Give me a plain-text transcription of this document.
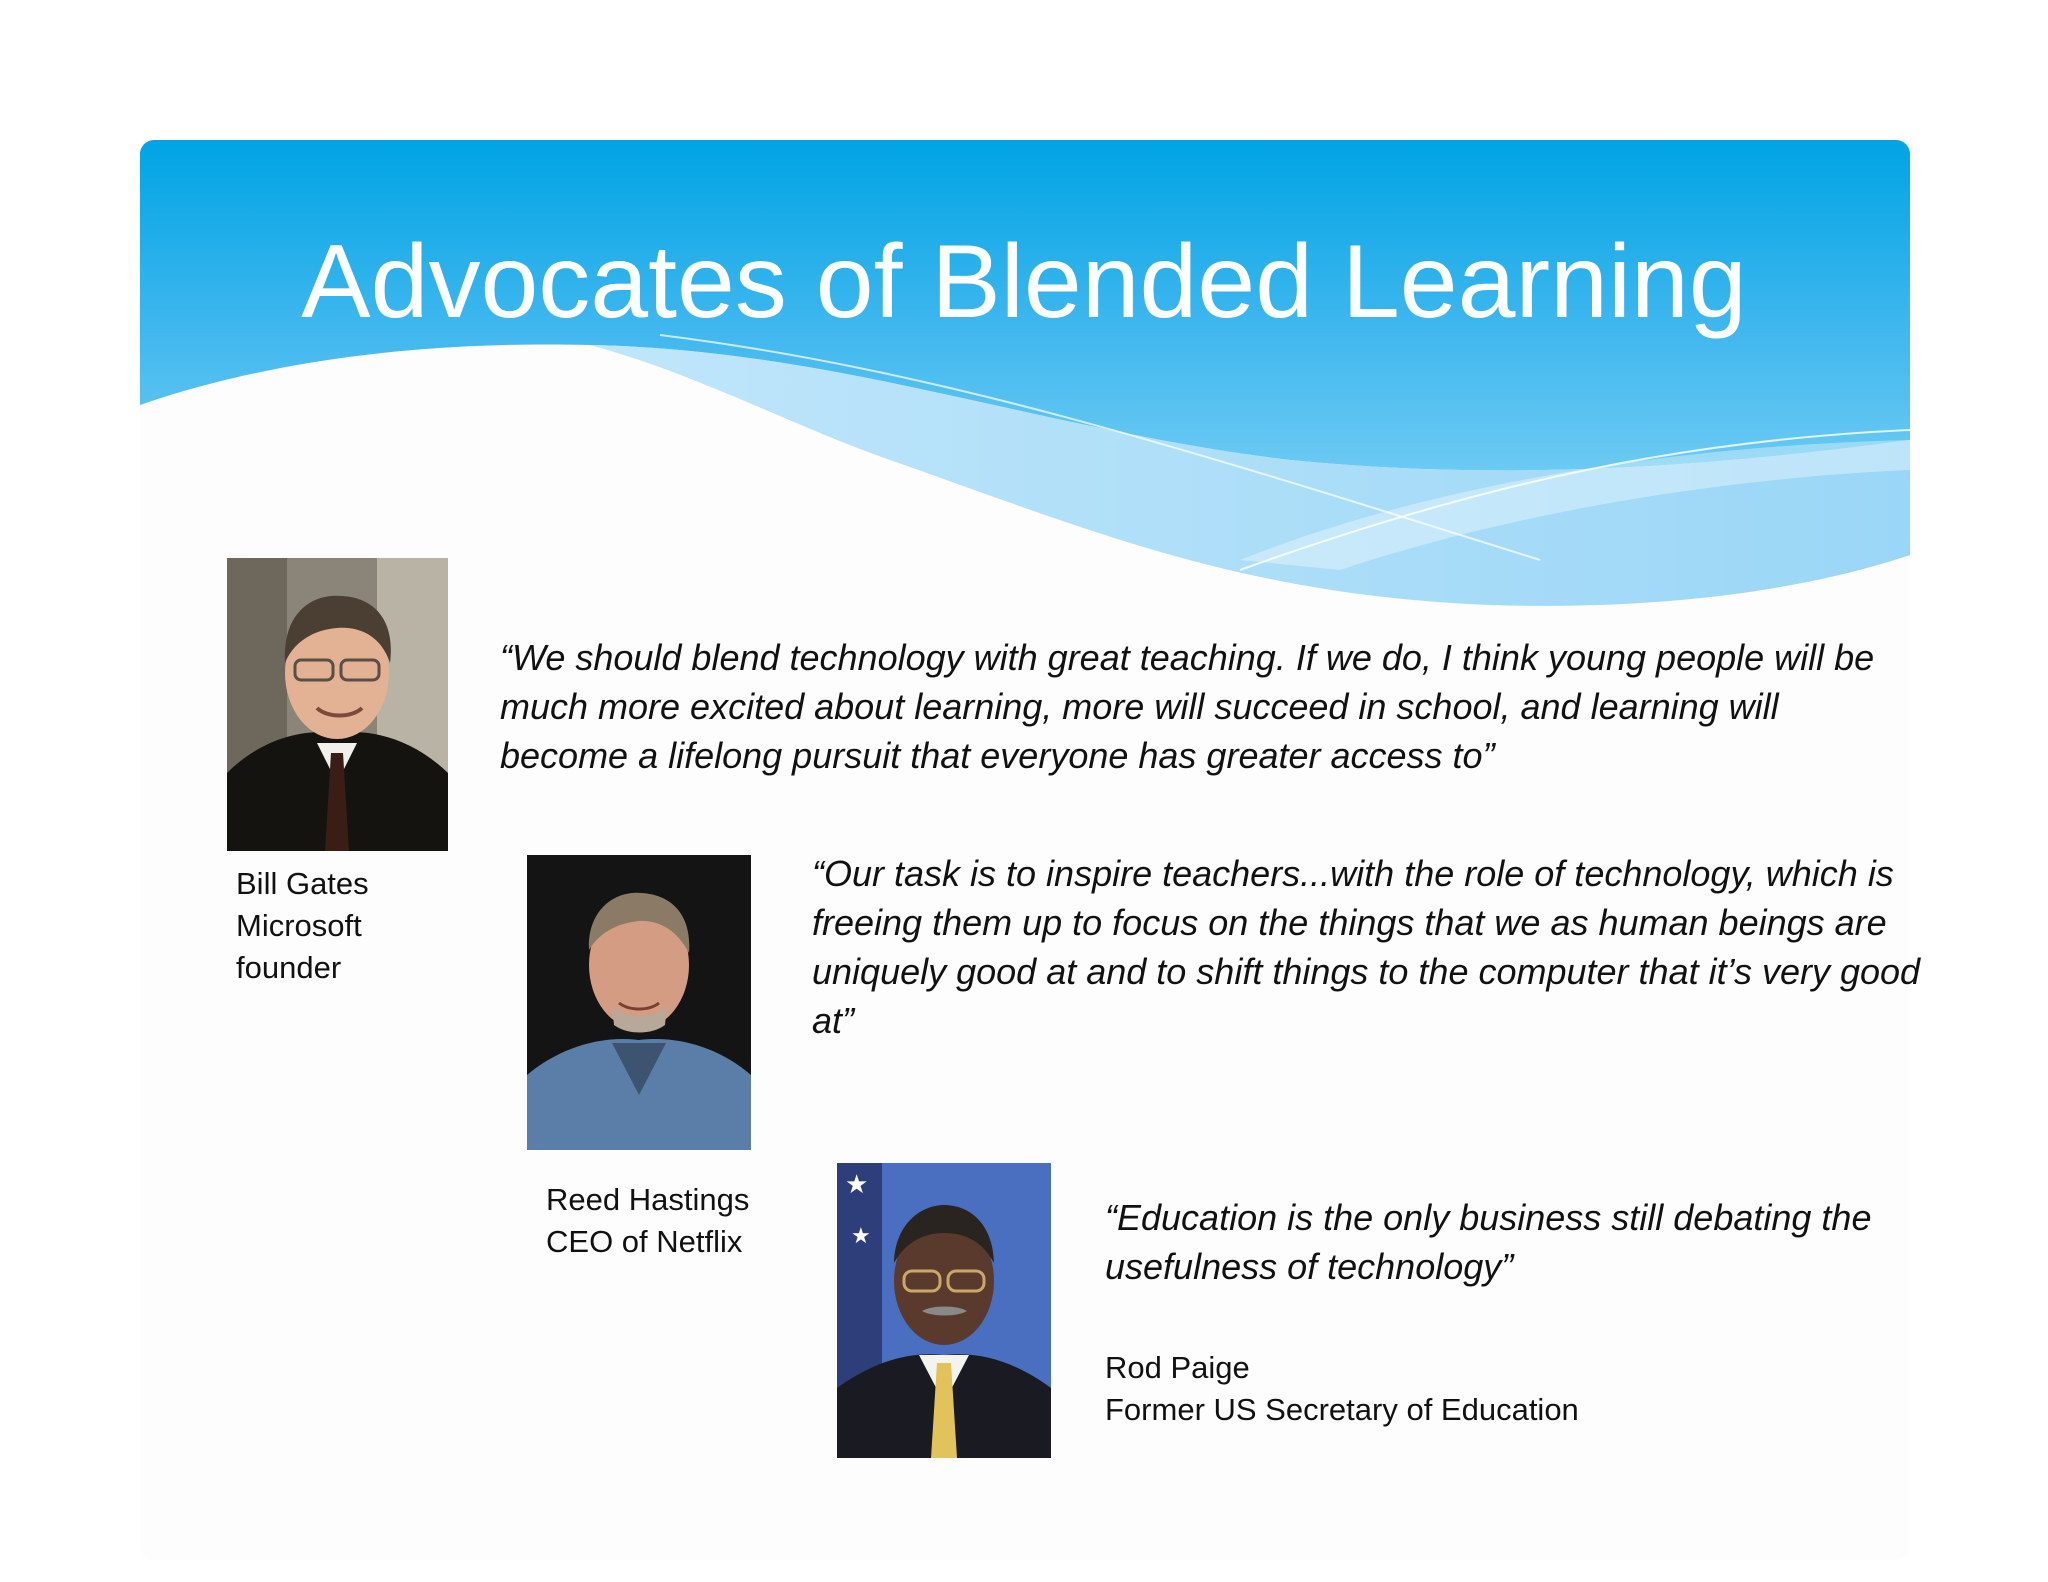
Advocates of Blended Learning
“We should blend technology with great teaching. If we do, I think young people will be much more excited about learning, more will succeed in school, and learning will become a lifelong pursuit that everyone has greater access to”
Bill Gates
Microsoft
founder
“Our task is to inspire teachers...with the role of technology, which is freeing them up to focus on the things that we as human beings are uniquely good at and to shift things to the computer that it’s very good at”
Reed Hastings
CEO of Netflix
★
★	“Education is the only business still debating the usefulness of technology”
Rod Paige
Former US Secretary of Education
